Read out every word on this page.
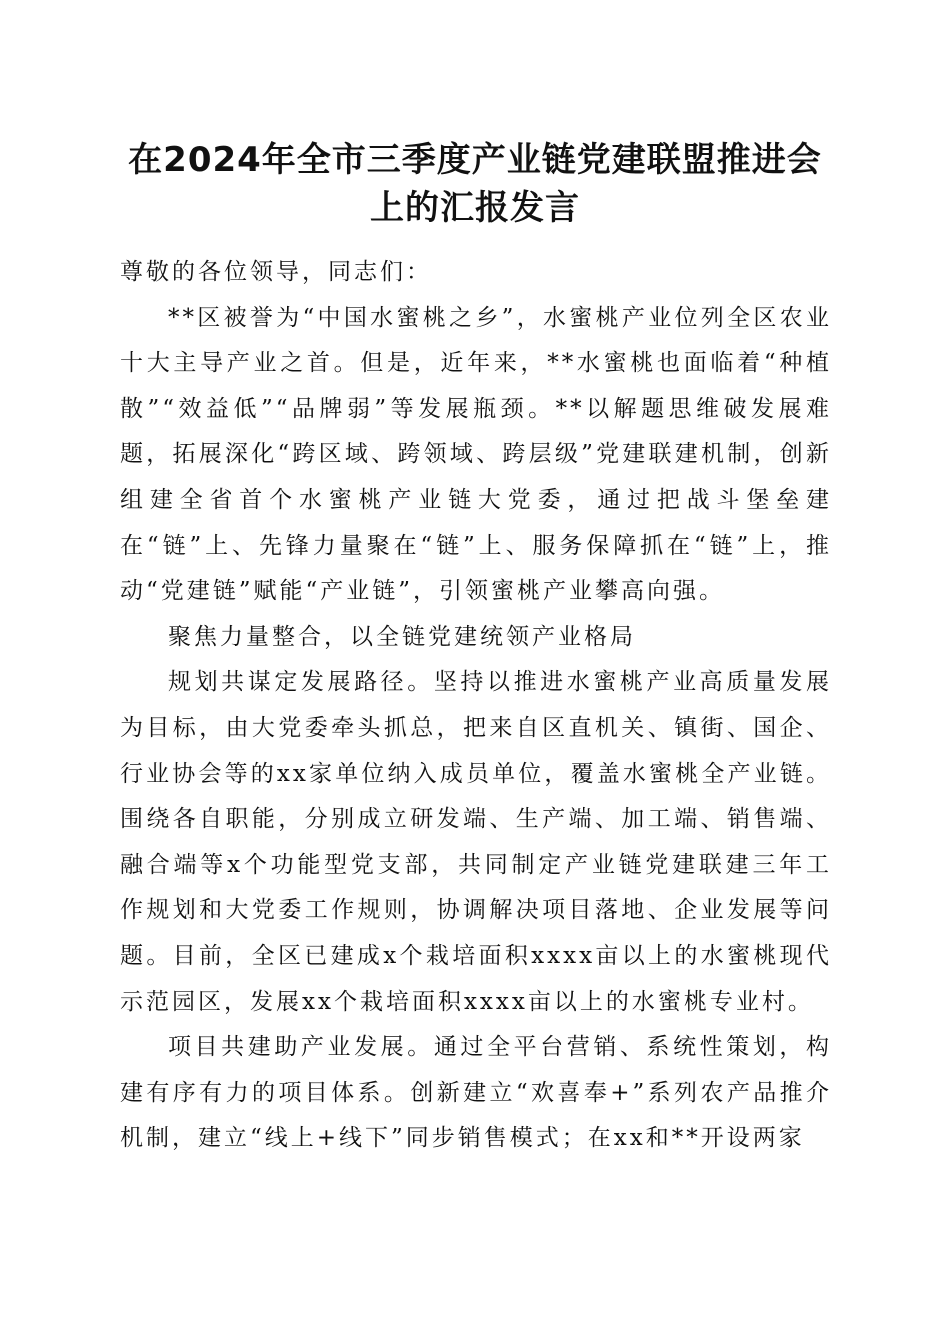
在2024年全市三季度产业链党建联盟推进会
上的汇报发言

尊敬的各位领导，同志们：

**区被誉为“中国水蜜桃之乡”，水蜜桃产业位列全区农业十大主导产业之首。但是，近年来，**水蜜桃也面临着“种植散”“效益低”“品牌弱”等发展瓶颈。**以解题思维破发展难题，拓展深化“跨区域、跨领域、跨层级”党建联建机制，创新组建全省首个水蜜桃产业链大党委，通过把战斗堡垒建在“链”上、先锋力量聚在“链”上、服务保障抓在“链”上，推动“党建链”赋能“产业链”，引领蜜桃产业攀高向强。

聚焦力量整合，以全链党建统领产业格局

规划共谋定发展路径。坚持以推进水蜜桃产业高质量发展为目标，由大党委牵头抓总，把来自区直机关、镇街、国企、行业协会等的xx家单位纳入成员单位，覆盖水蜜桃全产业链。围绕各自职能，分别成立研发端、生产端、加工端、销售端、融合端等x个功能型党支部，共同制定产业链党建联建三年工作规划和大党委工作规则，协调解决项目落地、企业发展等问题。目前，全区已建成x个栽培面积xxxx亩以上的水蜜桃现代示范园区，发展xx个栽培面积xxxx亩以上的水蜜桃专业村。

项目共建助产业发展。通过全平台营销、系统性策划，构建有序有力的项目体系。创新建立“欢喜奉+”系列农产品推介机制，建立“线上+线下”同步销售模式；在xx和**开设两家
